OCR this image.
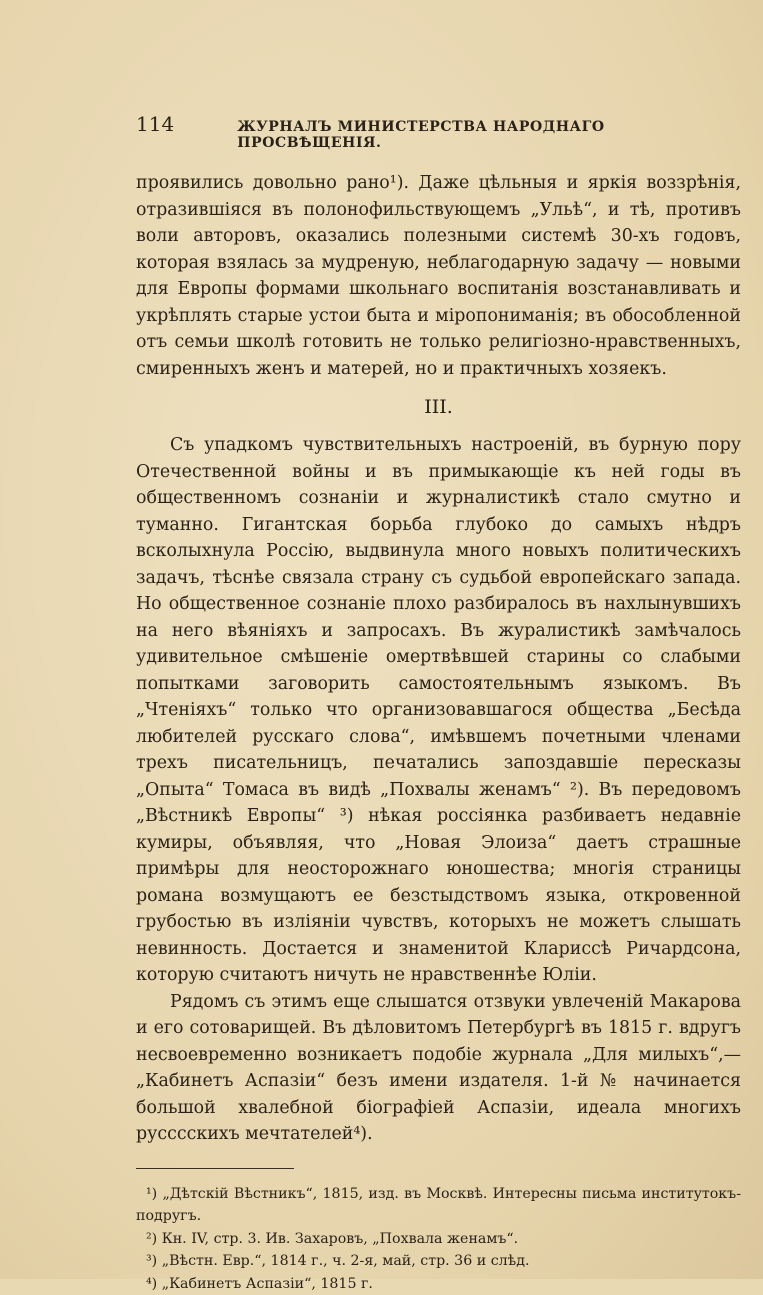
114	ЖУРНАЛЪ МИНИСТЕРСТВА НАРОДНАГО ПРОСВѢЩЕНІЯ.

проявились довольно рано¹). Даже цѣльныя и яркія воззрѣнія, отразившіяся въ полонофильствующемъ „Ульѣ“, и тѣ, противъ воли авторовъ, оказались полезными системѣ 30-хъ годовъ, которая взялась за мудреную, неблагодарную задачу — новыми для Европы формами школьнаго воспитанія возстанавливать и укрѣплять старые устои быта и міропониманія; въ обособленной отъ семьи школѣ готовить не только религіозно-нравственныхъ, смиренныхъ женъ и матерей, но и практичныхъ хозяекъ.

III.

Съ упадкомъ чувствительныхъ настроеній, въ бурную пору Отечественной войны и въ примыкающіе къ ней годы въ общественномъ сознаніи и журналистикѣ стало смутно и туманно. Гигантская борьба глубоко до самыхъ нѣдръ всколыхнула Россію, выдвинула много новыхъ политическихъ задачъ, тѣснѣе связала страну съ судьбой европейскаго запада. Но общественное сознаніе плохо разбиралось въ нахлынувшихъ на него вѣяніяхъ и запросахъ. Въ журалистикѣ замѣчалось удивительное смѣшеніе омертвѣвшей старины со слабыми попытками заговорить самостоятельнымъ языкомъ. Въ „Чтеніяхъ“ только что организовавшагося общества „Бесѣда любителей русскаго слова“, имѣвшемъ почетными членами трехъ писательницъ, печатались запоздавшіе пересказы „Опыта“ Томаса въ видѣ „Похвалы женамъ“ ²). Въ передовомъ „Вѣстникѣ Европы“ ³) нѣкая россіянка разбиваетъ недавніе кумиры, объявляя, что „Новая Элоиза“ даетъ страшные примѣры для неосторожнаго юношества; многія страницы романа возмущаютъ ее безстыдствомъ языка, откровенной грубостью въ изліяніи чувствъ, которыхъ не можетъ слышать невинность. Достается и знаменитой Клариссѣ Ричардсона, которую считаютъ ничуть не нравственнѣе Юліи.

Рядомъ съ этимъ еще слышатся отзвуки увлеченій Макарова и его сотоварищей. Въ дѣловитомъ Петербургѣ въ 1815 г. вдругъ несвоевременно возникаетъ подобіе журнала „Для милыхъ“,—„Кабинетъ Аспазіи“ безъ имени издателя. 1-й № начинается большой хвалебной біографіей Аспазіи, идеала многихъ русссскихъ мечтателей⁴).

¹) „Дѣтскій Вѣстникъ“, 1815, изд. въ Москвѣ. Интересны письма институтокъ-подругъ.

²) Кн. IV, стр. 3. Ив. Захаровъ, „Похвала женамъ“.

³) „Вѣстн. Евр.“, 1814 г., ч. 2-я, май, стр. 36 и слѣд.

⁴) „Кабинетъ Аспазіи“, 1815 г.
